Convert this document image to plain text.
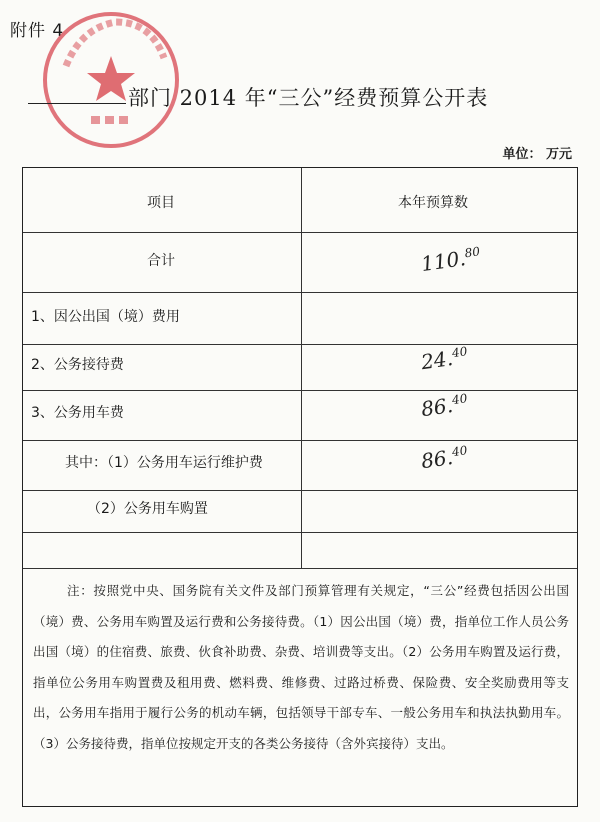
附件 4
部门 2014 年“三公”经费预算公开表
单位： 万元
项目	本年预算数
合计	110.80
1、因公出国（境）费用
2、公务接待费	24.40
3、公务用车费	86.40
其中：（1）公务用车运行维护费	86.40
（2）公务用车购置
注：按照党中央、国务院有关文件及部门预算管理有关规定，“三公”经费包括因公出国（境）费、公务用车购置及运行费和公务接待费。（1）因公出国（境）费，指单位工作人员公务出国（境）的住宿费、旅费、伙食补助费、杂费、培训费等支出。（2）公务用车购置及运行费，指单位公务用车购置费及租用费、燃料费、维修费、过路过桥费、保险费、安全奖励费用等支出，公务用车指用于履行公务的机动车辆，包括领导干部专车、一般公务用车和执法执勤用车。（3）公务接待费，指单位按规定开支的各类公务接待（含外宾接待）支出。
